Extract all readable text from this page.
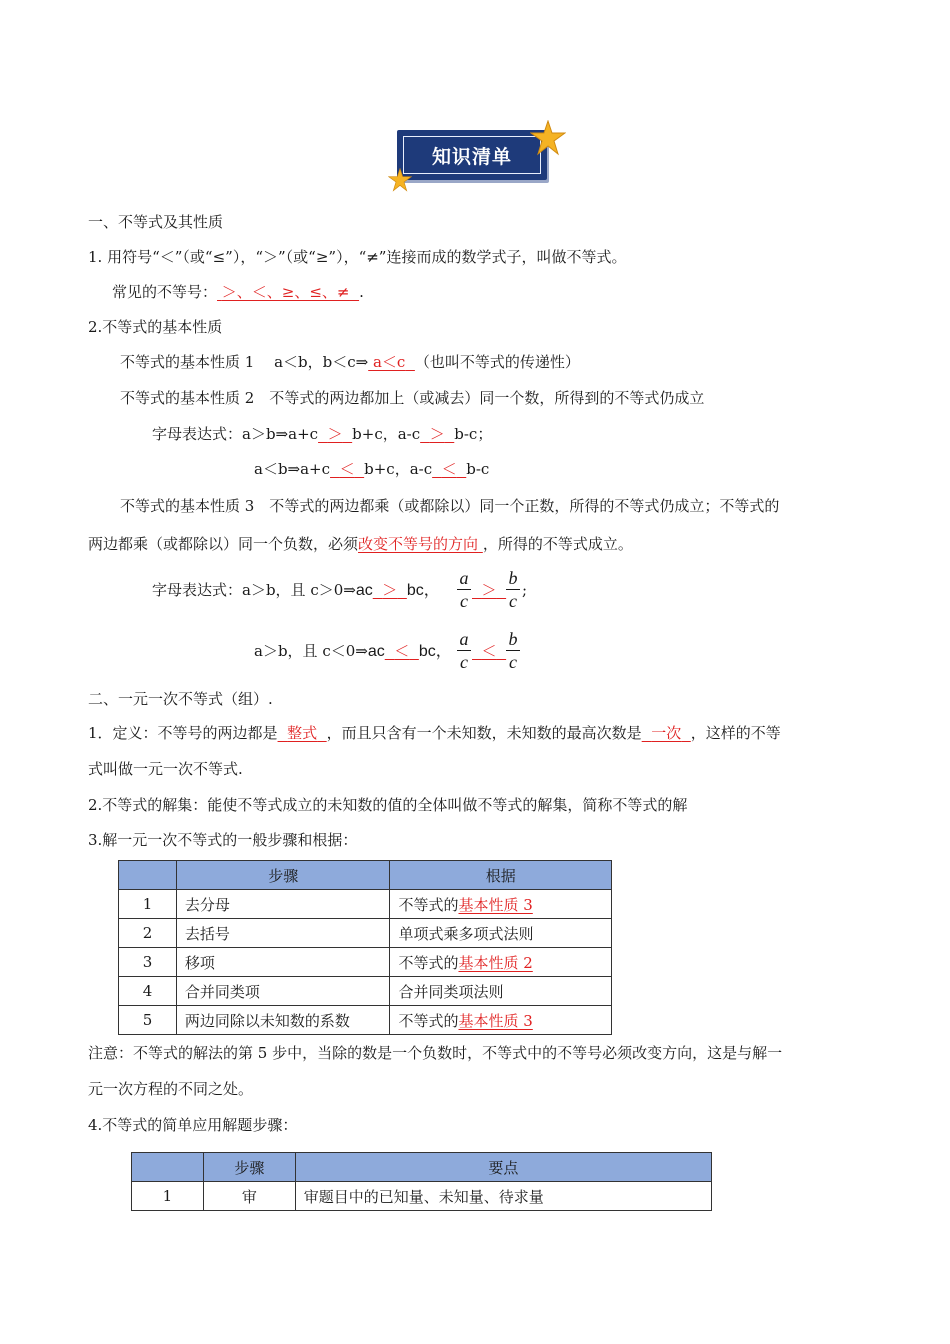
知识清单
一、不等式及其性质
1. 用符号“＜”（或“≤”），“＞”（或“≥”），“≠”连接而成的数学式子，叫做不等式。
常见的不等号： ＞、＜、≥、≤、≠ .
2.不等式的基本性质
不等式的基本性质 1　 a＜b，b＜c⇒ a＜c （也叫不等式的传递性）
不等式的基本性质 2　不等式的两边都加上（或减去）同一个数，所得到的不等式仍成立
字母表达式：a＞b⇒a+c ＞ b+c，a-c ＞ b-c；
a＜b⇒a+c ＜ b+c，a-c ＜ b-c
不等式的基本性质 3　不等式的两边都乘（或都除以）同一个正数，所得的不等式仍成立；不等式的
两边都乘（或都除以）同一个负数，必须改变不等号的方向 ，所得的不等式成立。
字母表达式：a＞b，且 c＞0⇒ac ＞ bc，
a
c
＞
b
c
;
a＞b，且 c＜0⇒ac ＜ bc，
a
c
＜
b
c
二、一元一次不等式（组）.
1．定义：不等号的两边都是 整式 ，而且只含有一个未知数，未知数的最高次数是 一次 ，这样的不等
式叫做一元一次不等式.
2.不等式的解集：能使不等式成立的未知数的值的全体叫做不等式的解集，简称不等式的解
3.解一元一次不等式的一般步骤和根据：
	步骤	根据
1	去分母	不等式的基本性质 3
2	去括号	单项式乘多项式法则
3	移项	不等式的基本性质 2
4	合并同类项	合并同类项法则
5	两边同除以未知数的系数	不等式的基本性质 3
注意：不等式的解法的第 5 步中，当除的数是一个负数时，不等式中的不等号必须改变方向，这是与解一
元一次方程的不同之处。
4.不等式的简单应用解题步骤：
	步骤	要点
1	审	审题目中的已知量、未知量、待求量
